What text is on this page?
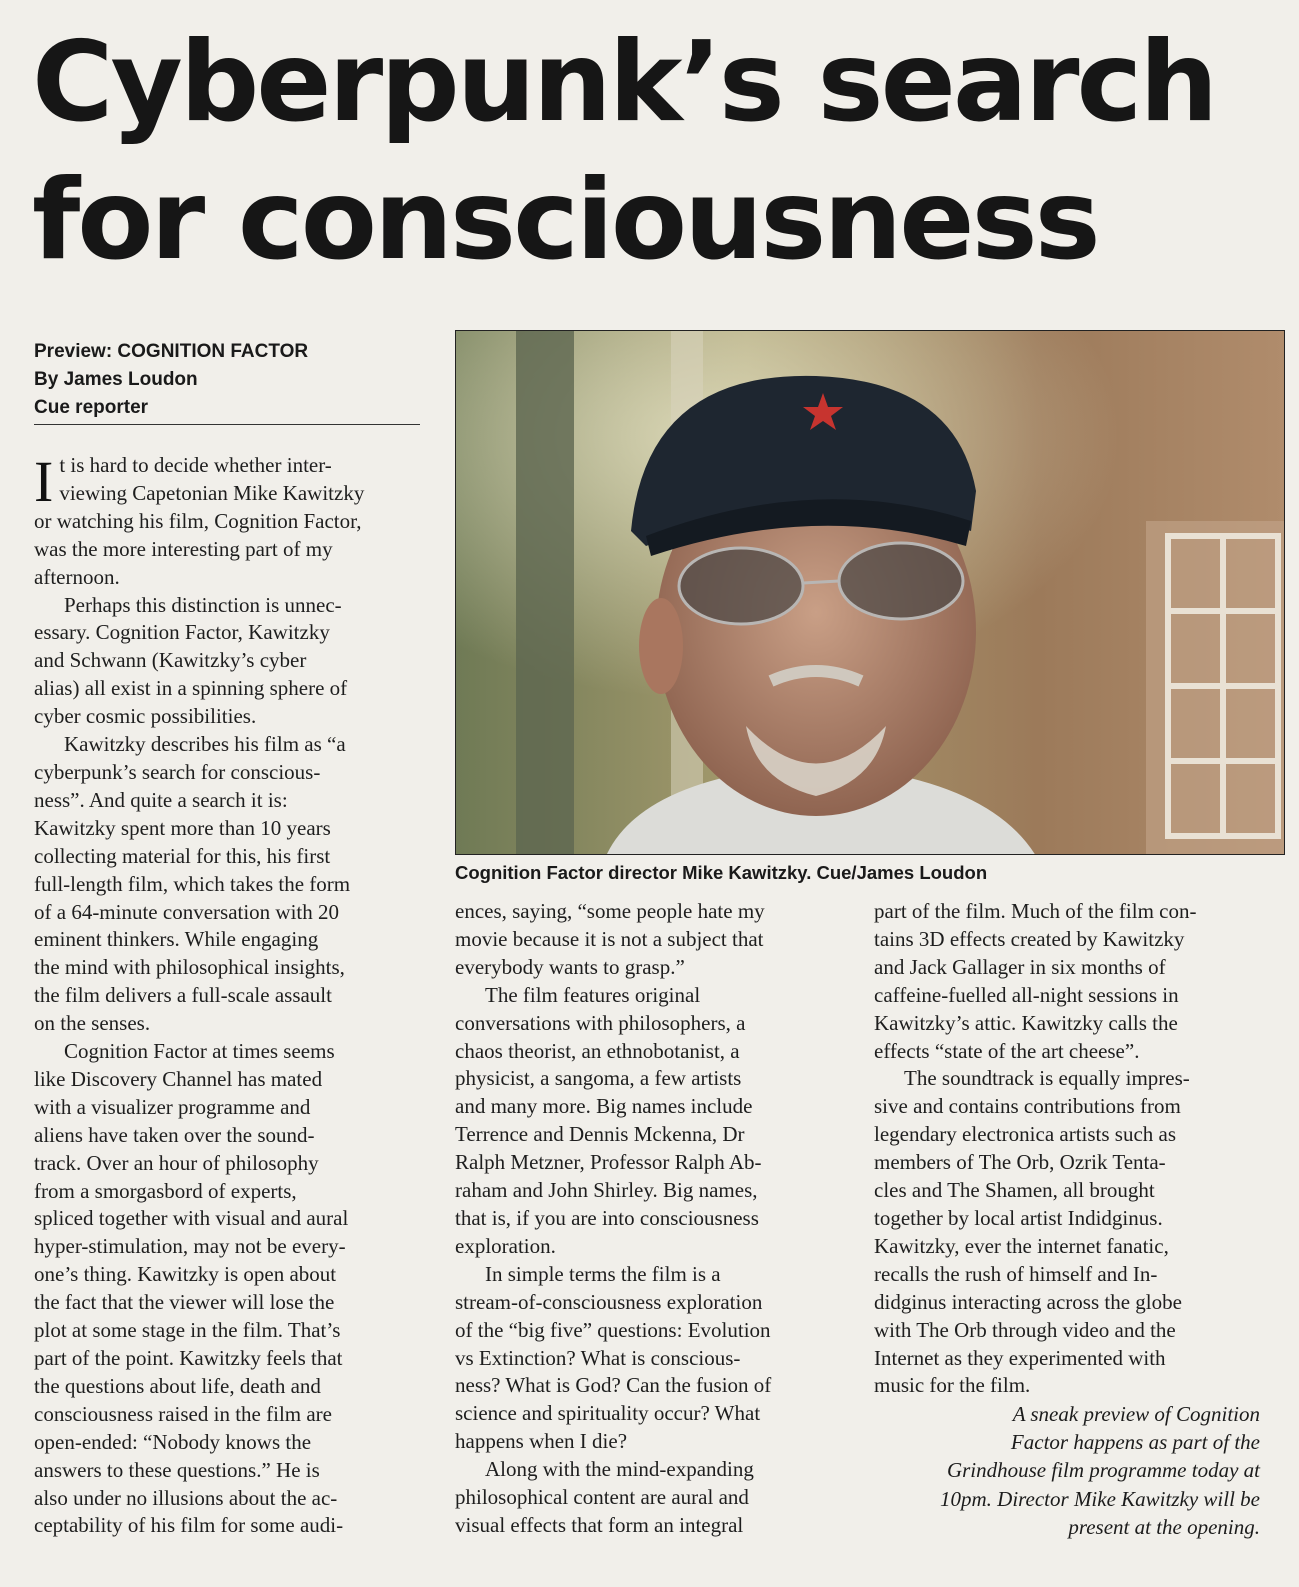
Cyberpunk’s search
for consciousness
Preview: COGNITION FACTOR
By James Loudon
Cue reporter
I t is hard to decide whether inter-

viewing Capetonian Mike Kawitzky

or watching his film, Cognition Factor,

was the more interesting part of my

afternoon.

Perhaps this distinction is unnec-

essary. Cognition Factor, Kawitzky

and Schwann (Kawitzky’s cyber

alias) all exist in a spinning sphere of

cyber cosmic possibilities.

Kawitzky describes his film as “a

cyberpunk’s search for conscious-

ness”. And quite a search it is:

Kawitzky spent more than 10 years

collecting material for this, his first

full-length film, which takes the form

of a 64-minute conversation with 20

eminent thinkers. While engaging

the mind with philosophical insights,

the film delivers a full-scale assault

on the senses.

Cognition Factor at times seems

like Discovery Channel has mated

with a visualizer programme and

aliens have taken over the sound-

track. Over an hour of philosophy

from a smorgasbord of experts,

spliced together with visual and aural

hyper-stimulation, may not be every-

one’s thing. Kawitzky is open about

the fact that the viewer will lose the

plot at some stage in the film. That’s

part of the point. Kawitzky feels that

the questions about life, death and

consciousness raised in the film are

open-ended: “Nobody knows the

answers to these questions.” He is

also under no illusions about the ac-

ceptability of his film for some audi-

ences, saying, “some people hate my

movie because it is not a subject that

everybody wants to grasp.”

The film features original

conversations with philosophers, a

chaos theorist, an ethnobotanist, a

physicist, a sangoma, a few artists

and many more. Big names include

Terrence and Dennis Mckenna, Dr

Ralph Metzner, Professor Ralph Ab-

raham and John Shirley. Big names,

that is, if you are into consciousness

exploration.

In simple terms the film is a

stream-of-consciousness exploration

of the “big five” questions: Evolution

vs Extinction? What is conscious-

ness? What is God? Can the fusion of

science and spirituality occur? What

happens when I die?

Along with the mind-expanding

philosophical content are aural and

visual effects that form an integral

part of the film. Much of the film con-

tains 3D effects created by Kawitzky

and Jack Gallager in six months of

caffeine-fuelled all-night sessions in

Kawitzky’s attic. Kawitzky calls the

effects “state of the art cheese”.

The soundtrack is equally impres-

sive and contains contributions from

legendary electronica artists such as

members of The Orb, Ozrik Tenta-

cles and The Shamen, all brought

together by local artist Indidginus.

Kawitzky, ever the internet fanatic,

recalls the rush of himself and In-

didginus interacting across the globe

with The Orb through video and the

Internet as they experimented with

music for the film.

Cognition Factor director Mike Kawitzky. Cue/James Loudon
A sneak preview of Cognition
Factor happens as part of the
Grindhouse film programme today at
10pm. Director Mike Kawitzky will be
present at the opening.
